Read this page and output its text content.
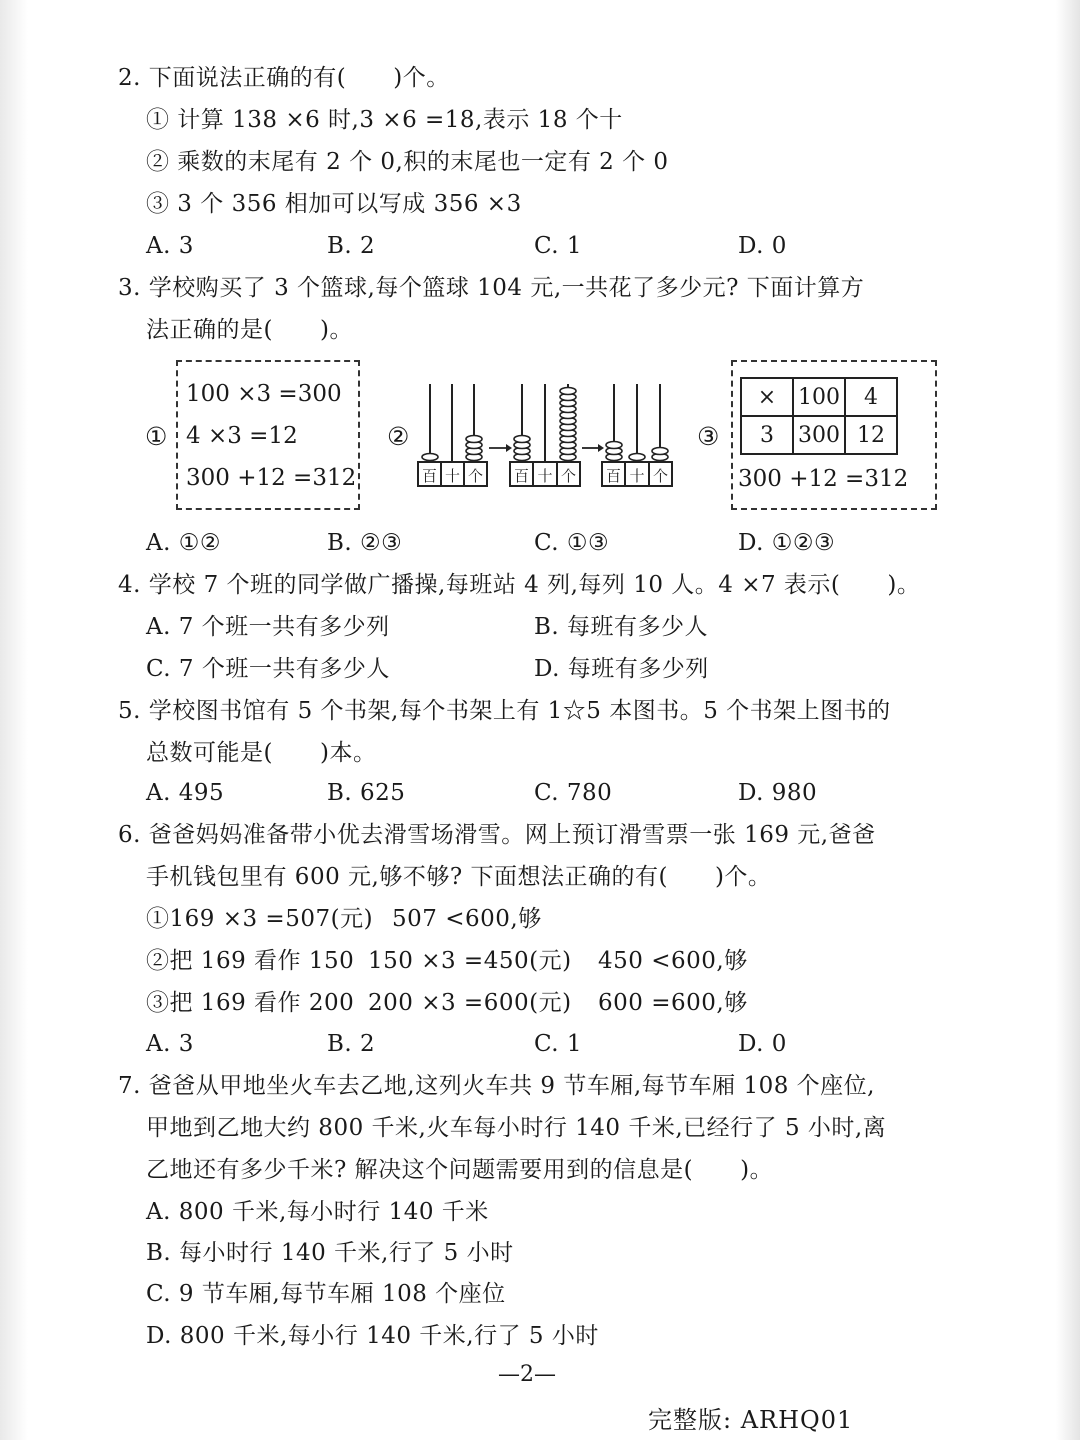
2. 下面说法正确的有(　　)个。
① 计算 138 ×6 时,3 ×6 =18,表示 18 个十
② 乘数的末尾有 2 个 0,积的末尾也一定有 2 个 0
③ 3 个 356 相加可以写成 356 ×3
A. 3	B. 2	C. 1	D. 0
3. 学校购买了 3 个篮球,每个篮球 104 元,一共花了多少元? 下面计算方
法正确的是(　　)。
①
100 ×3 =300
4 ×3 =12
300 +12 =312
②
百 十 个 百 十 个 百 十 个
③
×	100	4
3	300	12
300 +12 =312
A. ①②	B. ②③	C. ①③	D. ①②③
4. 学校 7 个班的同学做广播操,每班站 4 列,每列 10 人。4 ×7 表示(　　)。
A. 7 个班一共有多少列	B. 每班有多少人
C. 7 个班一共有多少人	D. 每班有多少列
5. 学校图书馆有 5 个书架,每个书架上有 1☆5 本图书。5 个书架上图书的
总数可能是(　　)本。
A. 495	B. 625	C. 780	D. 980
6. 爸爸妈妈准备带小优去滑雪场滑雪。网上预订滑雪票一张 169 元,爸爸
手机钱包里有 600 元,够不够? 下面想法正确的有(　　)个。
①169 ×3 =507(元) 507 <600,够
②把 169 看作 150 150 ×3 =450(元) 450 <600,够
③把 169 看作 200 200 ×3 =600(元) 600 =600,够
A. 3	B. 2	C. 1	D. 0
7. 爸爸从甲地坐火车去乙地,这列火车共 9 节车厢,每节车厢 108 个座位,
甲地到乙地大约 800 千米,火车每小时行 140 千米,已经行了 5 小时,离
乙地还有多少千米? 解决这个问题需要用到的信息是(　　)。
A. 800 千米,每小时行 140 千米
B. 每小时行 140 千米,行了 5 小时
C. 9 节车厢,每节车厢 108 个座位
D. 800 千米,每小行 140 千米,行了 5 小时
—2—
完整版: ARHQ01
